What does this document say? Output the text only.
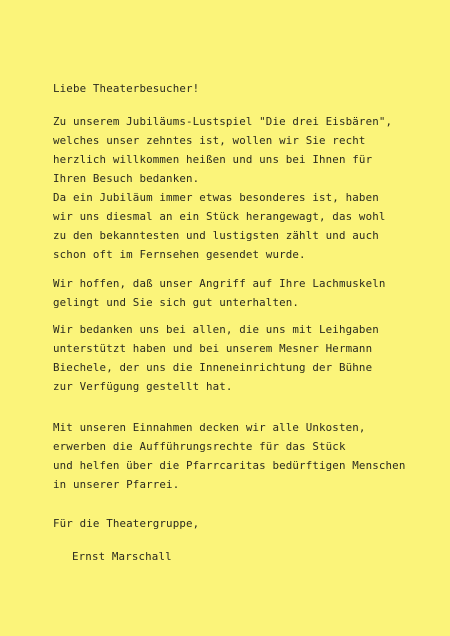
Liebe Theaterbesucher!
Zu unserem Jubiläums-Lustspiel "Die drei Eisbären",
welches unser zehntes ist, wollen wir Sie recht
herzlich willkommen heißen und uns bei Ihnen für
Ihren Besuch bedanken.
Da ein Jubiläum immer etwas besonderes ist, haben
wir uns diesmal an ein Stück herangewagt, das wohl
zu den bekanntesten und lustigsten zählt und auch
schon oft im Fernsehen gesendet wurde.
Wir hoffen, daß unser Angriff auf Ihre Lachmuskeln
gelingt und Sie sich gut unterhalten.
Wir bedanken uns bei allen, die uns mit Leihgaben
unterstützt haben und bei unserem Mesner Hermann
Biechele, der uns die Inneneinrichtung der Bühne
zur Verfügung gestellt hat.
Mit unseren Einnahmen decken wir alle Unkosten,
erwerben die Aufführungsrechte für das Stück
und helfen über die Pfarrcaritas bedürftigen Menschen
in unserer Pfarrei.
Für die Theatergruppe,
Ernst Marschall
